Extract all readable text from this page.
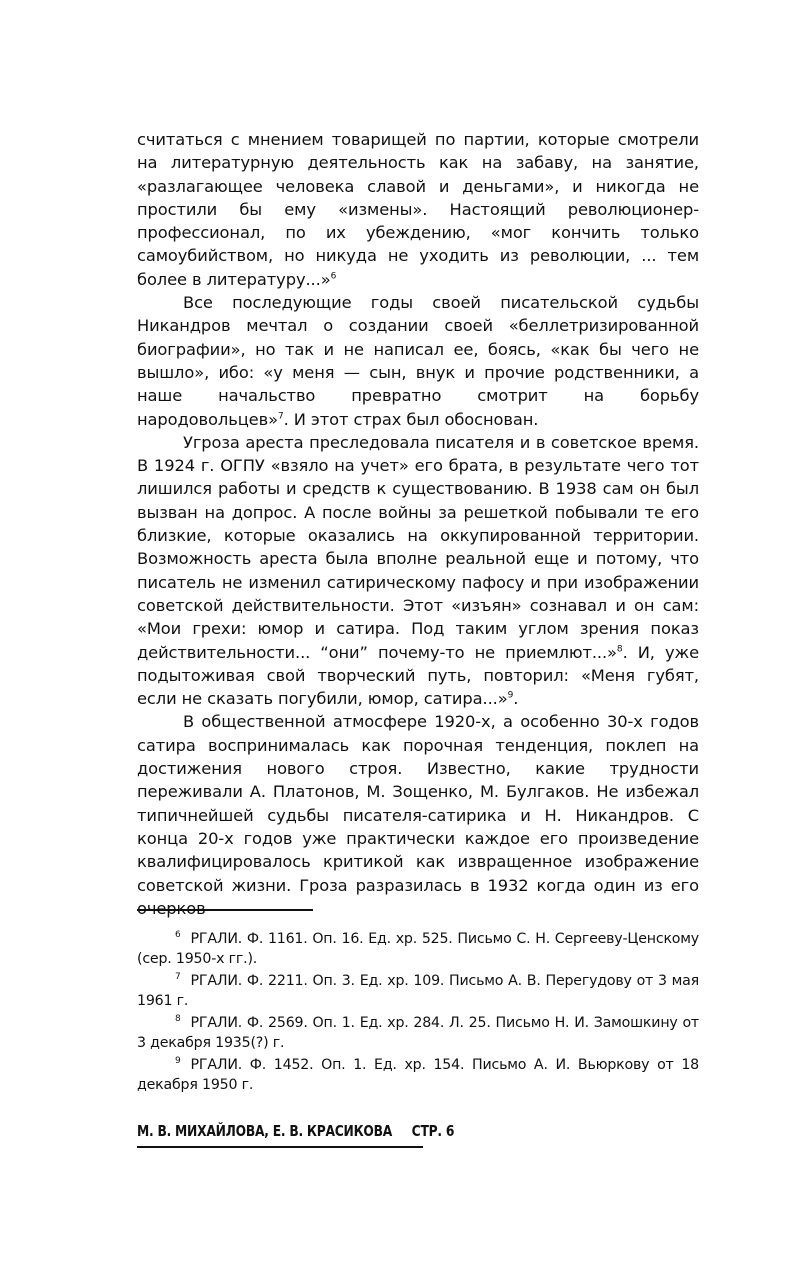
считаться с мнением товарищей по партии, которые смотрели на литературную деятельность как на забаву, на занятие, «разлагающее человека славой и деньгами», и никогда не простили бы ему «измены». Настоящий революционер-профессионал, по их убеждению, «мог кончить только самоубийством, но никуда не уходить из революции, ... тем более в литературу...»$^6$

Все последующие годы своей писательской судьбы Никандров мечтал о создании своей «беллетризированной биографии», но так и не написал ее, боясь, «как бы чего не вышло», ибо: «у меня — сын, внук и прочие родственники, а наше начальство превратно смотрит на борьбу народовольцев»$^7$. И этот страх был обоснован.

Угроза ареста преследовала писателя и в советское время. В 1924 г. ОГПУ «взяло на учет» его брата, в результате чего тот лишился работы и средств к существованию. В 1938 сам он был вызван на допрос. А после войны за решеткой побывали те его близкие, которые оказались на оккупированной территории. Возможность ареста была вполне реальной еще и потому, что писатель не изменил сатирическому пафосу и при изображении советской действительности. Этот «изъян» сознавал и он сам: «Мои грехи: юмор и сатира. Под таким углом зрения показ действительности... “они” почему-то не приемлют...»$^8$. И, уже подытоживая свой творческий путь, повторил: «Меня губят, если не сказать погубили, юмор, сатира...»$^9$.

В общественной атмосфере 1920-х, а особенно 30-х годов сатира воспринималась как порочная тенденция, поклеп на достижения нового строя. Известно, какие трудности переживали А. Платонов, М. Зощенко, М. Булгаков. Не избежал типичнейшей судьбы писателя-сатирика и Н. Никандров. С конца 20-х годов уже практически каждое его произведение квалифицировалось критикой как извращенное изображение советской жизни. Гроза разразилась в 1932 когда один из его очерков

$^6$ РГАЛИ. Ф. 1161. Оп. 16. Ед. хр. 525. Письмо С. Н. Сергееву-Ценскому (сер. 1950-х гг.).

$^7$ РГАЛИ. Ф. 2211. Оп. 3. Ед. хр. 109. Письмо А. В. Перегудову от 3 мая 1961 г.

$^8$ РГАЛИ. Ф. 2569. Оп. 1. Ед. хр. 284. Л. 25. Письмо Н. И. Замошкину от 3 декабря 1935(?) г.

$^9$ РГАЛИ. Ф. 1452. Оп. 1. Ед. хр. 154. Письмо А. И. Вьюркову от 18 декабря 1950 г.

М. В. МИХАЙЛОВА, Е. В. КРАСИКОВА СТР. 6
